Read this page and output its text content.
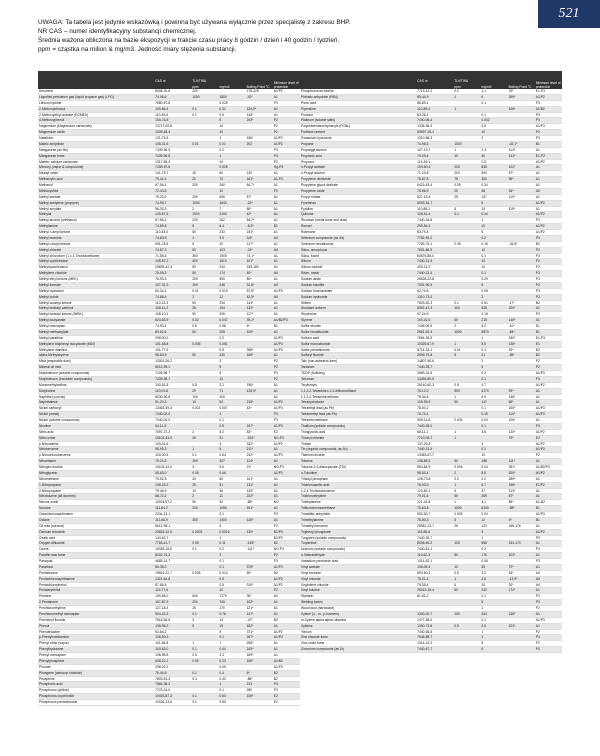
521
UWAGA: Ta tabela jest jedynie wskazówką i powinna być używana wyłącznie przez specjalistę z zakresu BHP.
NR CAS – numer identyfikacyjny substancji chemicznej.
Średnia ważona obliczona na bazie ekspozycji w trakcie czasu pracy 8 godzin / dzień i 40 godzin / tydzień.
ppm = cząstka na milion & mg/m3. Jedność miary stężenia substancji.
	CAS nr	TLV/TWA		Boiling Point °C	Minimum level of protection
		ppm	mg/m3		
Kerozene	8008-20-6	200		175-325	A1/P2
Liquefied petroleum gas (liquid propane gas) (LPG)	74-98-6	1000	1800	-42*	A1
Lithium hydride	7580-67-8		0.025		P3
2-Methoxyethanol	109-86-4	0.1	0.31	124,5*	A1
2-Methoxyethyl acetate (EGMEA)	110-49-6	0.1	0.5	145*	A1
4-Methoxyphenol	150-76-5		5	243*	P2
Magnesium (Magnesium carbonate)	13717-00-5		10		P2
Magnesium oxide	1309-48-4		10		P2
Malathion	121-75-5		1	156*	A1/P2
Maleic anhydride	108-31-6	0.01	0.01	202	A1/P2
Manganese (as Mn)	7439-96-5		0.2		P3
Manganese fume	7439-96-5		1		P3
Marble, calcium carbonate	1317-65-3		10		P2
Mercury (vapor & compounds)	7439-97-6		0.025		Hg-P3
Mesityl oxide	141-79-7	15	60	130	A1
Methacrylic acid	79-41-4	20	70	161*	A1-P2
Methanol	67-56-1	200	260	64,7*	A1
Methoxychlor	72-43-5		10		P2
Methyl acetate	79-20-9	200	606	57*	A1
Methyl acetylene (propyne)	74-99-7	1000	1640	-23*	A1
Methyl acrylate	96-33-3	2	7	80*	A1
Methylal	109-87-5	1000	3100	42*	A1
Methyl alcohol (methanol)	67-56-1	200	262	64,7*	A1
Methylamine	74-89-5	5	6.4	-6,3*	B1
Methyl n-amyl ketone	110-43-0	50	233	151*	A1
Methyl bromide	74-83-9	1	3.9	3,6*	AX
Methyl n-butyl ketone	591-78-6	5	20	127*	A1
Methyl chloride	74-87-3	50	103	-24*	AX
Methyl chloroform (1,1,1-Trichloroethane)	71-55-6	350	1900	74,1*	A1
Methyl cyclohexane	108-87-2	400	1610	101*	A1
Methylcyclohexanol	25639-42-3	50	234	155-180	A1
Methylene chloride	75-09-2	50	174	40*	AX
Methyl ethyl ketone (MEK)	78-93-3	200	590	80*	A1
Methyl formate	107-31-3	100	246	31,8*	AX
Methyl hydrazine	60-34-4	0.01	0.019	87,5*	A1/P3
Methyl iodide	74-88-4	2	12	42,5*	AX
Methyl isoamyl ketone	110-12-3	50	234	144*	A1
Methyl isobutyl carbinol	108-11-2	25	104	132*	A1
Methyl isobutyl ketone (MIBK)	108-10-1	50	205	117*	A1
Methyl isocyanate	624-83-9	0.02	0.047	39,1*	A1/B2/P3
Methyl mercaptan	74-93-1	0.5	0.98	6*	B1
Methyl methacrylate	80-62-6	50	205	100*	A1
Methyl parathion	298-00-0		0.2		A1/P3
Methylene bisphenyl isocyanate (MDI)	101-68-8	0.005	0.051		A1/P3
Methylene dianiline	101-77-9		0.8	398*	A1/P3
alpha-Methylstyrene	98-83-9	50	240	165*	A1
Mica (respirable dust)	12001-26-2		3		P2
Mineral oil mist	8012-95-1		5		P2
Molybdenum (soluble compounds)	7439-98-7		5		P3
Molybdenum (insoluble compounds)	7439-98-7		10		P2
Monomethylaniline	100-61-8	0.5	2.2	196*	A1
Morpholine	110-91-8	20	71	128,9*	A1
Naphtha (coal tar)	8030-30-6	100	400		A1
Naphthalene	91-20-3	10	52	218*	A1/P2
Nickel carbonyl	13463-39-3	0.001	0.007	43*	A1/P3
Nickel (metal)	7440-02-0		1		P3
Nickel (soluble compounds)	7440-02-0		0.1		P3
Nicotine	54-11-5		0.5	247*	A1/P3
Nitric acid	7697-37-2	2	5.2	83*	E2
Nitric oxide	10102-43-9	25	31	-152*	NO-P3
p-Nitroaniline	100-01-6		3	332*	A1/P2
Nitrobenzene	98-95-3	1	5	211*	A1
p-Nitrochlorobenzene	100-00-5	0.1	0.64	242*	A1/P2
Nitroethane	79-24-3	100	307	114*	A1
Nitrogen dioxide	10102-44-0	3	5.6	21*	NO-P3
Nitroglycerin	55-63-0	0.05	0.46		A1/P2
Nitromethane	75-52-5	20	50	101*	A1
1-Nitropropane	108-03-2	25	91	131*	A1
2-Nitropropane	79-46-9	10	36	120*	A1
Nitrotoluene (all isomers)	88-72-2	2	11	222*	A1
Nitrous oxide	10024-97-2	50	90	-88*	NO
Nonane	111-84-2	200	1050	151*	A1
Octachloronaphthalene	2234-13-1		0.1		P3
Octane	111-65-9	300	1400	126*	A1
Oil mist (mineral)	8012-95-1		5		P2
Osmium tetroxide	20816-12-0	0.0002	0.0016	130*	B1/P3
Oxalic acid	144-62-7		1		B1/P2
Oxygen difluoride	7783-41-7	0.05	0.11	-145*	B2
Ozone	10028-15-6	0.1	0.2	-111*	NO-P3
Paraffin wax fume	8002-74-2		2		P2
Paraquat	4685-14-7		0.1		P3
Parathion	56-38-2		0.1	375*	A1/P3
Pentaborane	19624-22-7	0.005	0.013	60*	B2
Pentachloronaphthalene	1321-64-8		0.5		A1/P2
Pentachlorophenol	87-86-5		0.5	310*	A1/P2
Pentaerythritol	115-77-5		10		P2
Pentane	109-66-0	600	1770	36*	AX
2-Pentanone	107-87-9	200	705	102*	A1
Perchloroethylene	127-18-4	25	170	121*	A1
Perchloromethyl mercaptan	594-42-3	0.1	0.76	147*	A1
Perchloryl fluoride	7616-94-6	3	13	-47*	B2
Phenol	108-95-2	5	19	182*	A1
Phenothiazine	92-84-2		5	371*	A1/P2
p-Phenylenediamine	106-50-3		0.1	267*	A1/P3
Phenyl ether (vapor)	101-84-8	1	7	258*	A1
Phenylhydrazine	100-63-0	0.1	0.44	243*	A1
Phenyl mercaptan	108-98-5	0.5	2.3	169*	A1
Phenylphosphine	638-21-1	0.05	0.23	160*	A1/B2
Phorate	298-02-2		0.05		A1/P3
Phosgene (carbonyl chloride)	75-44-5	0.1	0.4	8*	B2
Phosphine	7803-51-2	0.3	0.42	-88*	B2
Phosphoric acid	7664-38-2		1	213	P3
Phosphorus (yellow)	7723-14-0		0.1	280	P3
Phosphorus oxychloride	10025-87-3	0.1	0.63	106*	E2
Phosphorus pentachloride	10026-13-8	0.1	0.85		E2
	CAS nr	TLV/TWA		Boiling Point °C	Minimum level of protection
		ppm	mg/m3		
Phosphorus trichloride	7719-12-2	0.2	1.1	76*	E1-P3
Phthalic anhydride (PAN)	85-44-9	1	6	295*	A1/P2
Picric acid	88-89-1		0.1		P3
Piperidine	110-89-4	1		106*	A1/B2
Pindone	83-26-1		0.1		P3
Platinum (soluble salts)	7440-06-4		0.002		P3
Polychlorinated biphenyls (PCBs)	1336-36-3		0.5		A1/P3
Portland cement	65997-15-1		10		P2
Potassium hydroxide	1310-58-3		2		P3
Propane	74-98-6	1000		-42,1*	B1
Propargyl alcohol	107-19-7	1	2.3	114*	A1
Propionic acid	79-09-4	10	30	141*	E1-P2
Propoxur	114-26-1		0.5		A1/P2
n-Propyl acetate	109-60-4	200	835	102*	A1
n-Propyl alcohol	71-23-8	200	500	97*	A1
Propylene dichloride	78-87-5	75	350	96*	A1
Propylene glycol dinitrate	6423-43-4	0.05	0.34		A1
Propylene oxide	75-56-9	20	48	34*	AX
Propyl nitrate	627-13-4	25	107	110*	A1
Pyrethrum	8003-34-7		5		A1/P2
Pyridine	110-86-1	5	15	115*	A1
Quinone	106-51-4	0.1	0.44		A1/P2
Rhodium (metal fume and dust)	7440-16-6		1		P3
Ronnel	299-84-3		10		A1/P2
Rotenone	83-79-4		5		A1/P2
Selenium compounds (as Se)	7782-49-2		0.2		P3
Selenium hexafluoride	7783-79-1	0.05	0.16	-34,6*	B2
Silica, amorphous	7631-86-9		10		P2
Silica, fused	60676-86-0		0.1		P3
Silicon	7440-21-3		10		P2
Silicon carbide	409-21-2		10		P2
Silver, metal	7440-22-4		0.1		P3
Sodium azide	26628-22-8		0.29		P3
Sodium bisulfite	7631-90-5		5		P2
Sodium fluoroacetate	62-74-8		0.05		P3
Sodium hydroxide	1310-73-2		2		P3
Stibine	7803-52-3	0.1	0.51	-17*	B2
Stoddard solvent	8052-41-3	100	525	220*	A1
Strychnine	57-24-9		0.15		P3
Styrene	100-42-5	50	215	145*	A1
Sulfur dioxide	7446-09-5	2	5.2	-10*	E1
Sulfur hexafluoride	2551-62-4	1000	5970	-64*	B1
Sulfuric acid	7664-93-9		1	330*	E1-P3
Sulfur monochloride	10025-67-9	1	5.5	138*	E1
Sulfur pentafluoride	5714-22-1	0.01	0.1	29*	B2
Sulfuryl fluoride	2699-79-8	5	21	-55*	B2
Talc (non-asbestos form)	14807-96-6		2		P2
Tantalum	7440-25-7		5		P2
TEDP (Sulfotep)	3689-24-5		0.2		A1/P3
Tellurium	13494-80-9		0.1		P3
Terphenyls	26140-60-3	0.5	4.7		A1/P2
1,1,2,2-Tetrachloro-1,2-difluoroethane	76-12-0	500	4170	93*	A1
1,1,2,2-Tetrachloroethane	79-34-5	1	6.9	146*	A1
Tetrahydrofuran	109-99-9	50	147	66*	A1
Tetraethyl lead (as Pb)	78-00-2		0.1	200*	A1/P3
Tetramethyl lead (as Pb)	75-74-1		0.15	110*	A1/P3
Tetranitromethane	509-14-8	0.005	0.04	126*	A1
Thallium (soluble compounds)	7440-28-0		0.1		P3
Thioglycolic acid	68-11-1	1	3.8	120*	A1/P2
Thionyl chloride	7719-09-7	1		79*	E2
Thiram	137-26-8		1		A1/P2
Tin (organic compounds, as Sn)	7440-31-5		0.1		A1/P3
Titanium dioxide	13463-67-7		10		P2
Toluene	108-88-3	50	188	111*	A1
Toluene-2,4-diisocyanate (TDI)	584-84-9	0.005	0.04	251*	A1/B2/P3
o-Toluidine	95-53-4	2	8.8	200*	A1/P2
Tributyl phosphate	126-73-8	0.2	2.2	289*	A1
Trichloroacetic acid	76-03-9	1	6.7	196*	E1/P2
1,2,4-Trichlorobenzene	120-82-1	5	37	213*	A1
Trichloroethylene	79-01-6	50	269	87*	A1
Triethylamine	121-44-8	1	4.1	89*	A1-B2
Trifluorobromomethane	75-63-8	1000	6100	-58*	B1
Trimellitic anhydride	552-30-7	0.005	0.04		A1/P3
Trimethylamine	75-50-3	5	12	3*	B1
Trimethyl benzene	25551-13-7	25	123	165-176	A1
Triphenyl phosphate	115-86-6		3		A1/P2
Tungsten (soluble compounds)	7440-33-7		1		P3
Turpentine	8006-64-2	100	556	154-170	A1
Uranium (soluble compounds)	7440-61-1		0.2		P3
n-Valeraldehyde	110-62-3	50	176	103*	A1
Vanadium pentoxide dust	1314-62-1		0.05		P3
Vinyl acetate	108-05-4	10	35	72*	A1
Vinyl bromide	593-60-2	0.5	2.2	16*	AX
Vinyl chloride	75-01-4	1	2.6	-13,9*	AX
Vinylidene chloride	75-35-4	5	20	32*	AX
Vinyl toluene	25013-15-4	50	242	172*	A1
Warfarin	81-81-2		0.1		P3
Welding fumes			5		P3
Wood dust (hardwood)			1		P2
Xylene (o-, m-, p-isomers)	1330-20-7	100	434	138*	A1
m-Xylene alpha,alpha'-diamine	1477-55-0		0.1		A1/P3
Xylidine	1300-73-8	0.5	2.5	223*	A1
Yttrium	7440-65-5		1		P2
Zinc chloride fume	7646-85-7		1		P3
Zinc oxide fume	1314-13-2		5		P2
Zirconium compounds (as Zr)	7440-67-7		5		P2
